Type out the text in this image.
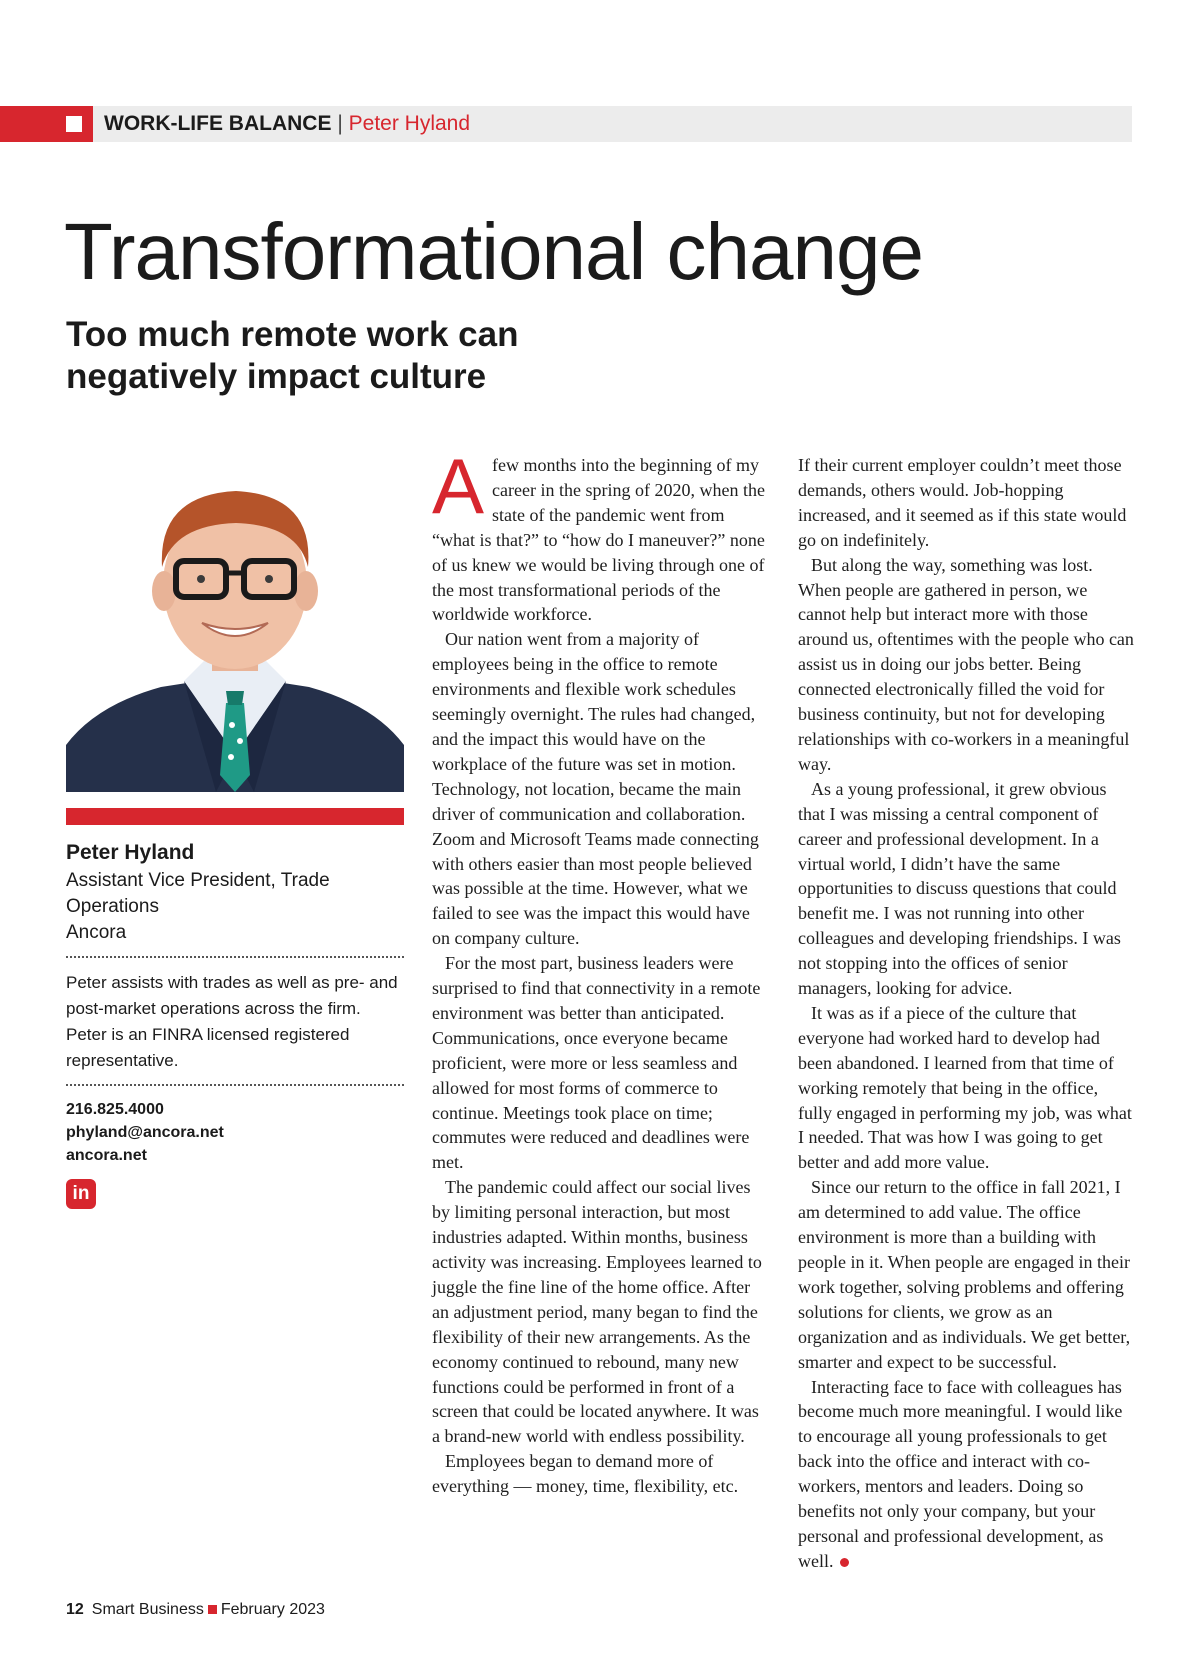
WORK-LIFE BALANCE | Peter Hyland
Transformational change
Too much remote work can negatively impact culture
Peter Hyland
Assistant Vice President, Trade Operations
Ancora
Peter assists with trades as well as pre- and post-market operations across the firm. Peter is an FINRA licensed registered representative.
216.825.4000
phyland@ancora.net
ancora.net
in

Afew months into the beginning of my career in the spring of 2020, when the state of the pandemic went from “what is that?” to “how do I maneuver?” none of us knew we would be living through one of the most transformational periods of the worldwide workforce.

Our nation went from a majority of employees being in the office to remote environments and flexible work schedules seemingly overnight. The rules had changed, and the impact this would have on the workplace of the future was set in motion. Technology, not location, became the main driver of communication and collaboration. Zoom and Microsoft Teams made connecting with others easier than most people believed was possible at the time. However, what we failed to see was the impact this would have on company culture.

For the most part, business leaders were surprised to find that connectivity in a remote environment was better than anticipated. Communications, once everyone became proficient, were more or less seamless and allowed for most forms of commerce to continue. Meetings took place on time; commutes were reduced and deadlines were met.

The pandemic could affect our social lives by limiting personal interaction, but most industries adapted. Within months, business activity was increasing. Employees learned to juggle the fine line of the home office. After an adjustment period, many began to find the flexibility of their new arrangements. As the economy continued to rebound, many new functions could be performed in front of a screen that could be located anywhere. It was a brand-new world with endless possibility.

Employees began to demand more of everything — money, time, flexibility, etc.

If their current employer couldn’t meet those demands, others would. Job-hopping increased, and it seemed as if this state would go on indefinitely.

But along the way, something was lost. When people are gathered in person, we cannot help but interact more with those around us, oftentimes with the people who can assist us in doing our jobs better. Being connected electronically filled the void for business continuity, but not for developing relationships with co-workers in a meaningful way.

As a young professional, it grew obvious that I was missing a central component of career and professional development. In a virtual world, I didn’t have the same opportunities to discuss questions that could benefit me. I was not running into other colleagues and developing friendships. I was not stopping into the offices of senior managers, looking for advice.

It was as if a piece of the culture that everyone had worked hard to develop had been abandoned. I learned from that time of working remotely that being in the office, fully engaged in performing my job, was what I needed. That was how I was going to get better and add more value.

Since our return to the office in fall 2021, I am determined to add value. The office environment is more than a building with people in it. When people are engaged in their work together, solving problems and offering solutions for clients, we grow as an organization and as individuals. We get better, smarter and expect to be successful.

Interacting face to face with colleagues has become much more meaningful. I would like to encourage all young professionals to get back into the office and interact with co-workers, mentors and leaders. Doing so benefits not only your company, but your personal and professional development, as well.

12 Smart Business February 2023
